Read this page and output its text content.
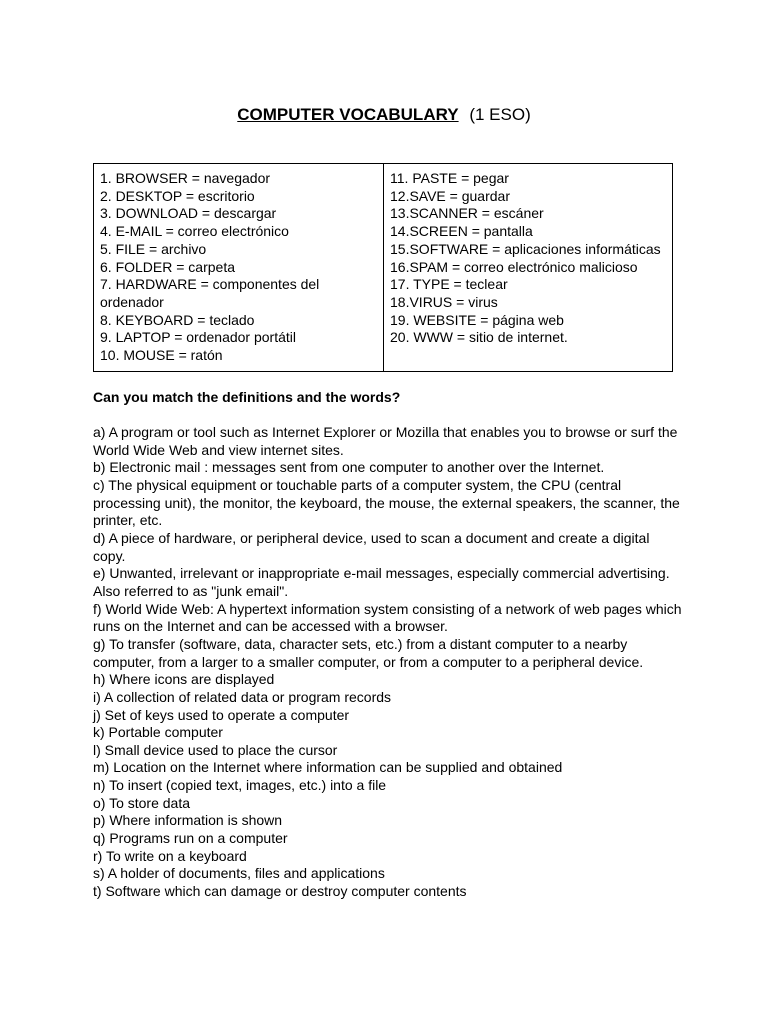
COMPUTER VOCABULARY (1 ESO)
1. BROWSER = navegador
2. DESKTOP = escritorio
3. DOWNLOAD = descargar
4. E-MAIL = correo electrónico
5. FILE = archivo
6. FOLDER = carpeta
7. HARDWARE = componentes del ordenador
8. KEYBOARD = teclado
9. LAPTOP = ordenador portátil
10. MOUSE = ratón
11. PASTE = pegar
12.SAVE = guardar
13.SCANNER = escáner
14.SCREEN = pantalla
15.SOFTWARE = aplicaciones informáticas
16.SPAM = correo electrónico malicioso
17. TYPE = teclear
18.VIRUS = virus
19. WEBSITE = página web
20. WWW = sitio de internet.
Can you match the definitions and the words?
a) A program or tool such as Internet Explorer or Mozilla that enables you to browse or surf the World Wide Web and view internet sites.
b) Electronic mail : messages sent from one computer to another over the Internet.
c) The physical equipment or touchable parts of a computer system, the CPU (central processing unit), the monitor, the keyboard, the mouse, the external speakers, the scanner, the printer, etc.
d) A piece of hardware, or peripheral device, used to scan a document and create a digital copy.
e) Unwanted, irrelevant or inappropriate e-mail messages, especially commercial advertising. Also referred to as "junk email".
f) World Wide Web: A hypertext information system consisting of a network of web pages which runs on the Internet and can be accessed with a browser.
g) To transfer (software, data, character sets, etc.) from a distant computer to a nearby computer, from a larger to a smaller computer, or from a computer to a peripheral device.
h) Where icons are displayed
i) A collection of related data or program records
j) Set of keys used to operate a computer
k) Portable computer
l) Small device used to place the cursor
m) Location on the Internet where information can be supplied and obtained
n) To insert (copied text, images, etc.) into a file
o) To store data
p) Where information is shown
q) Programs run on a computer
r) To write on a keyboard
s) A holder of documents, files and applications
t) Software which can damage or destroy computer contents
